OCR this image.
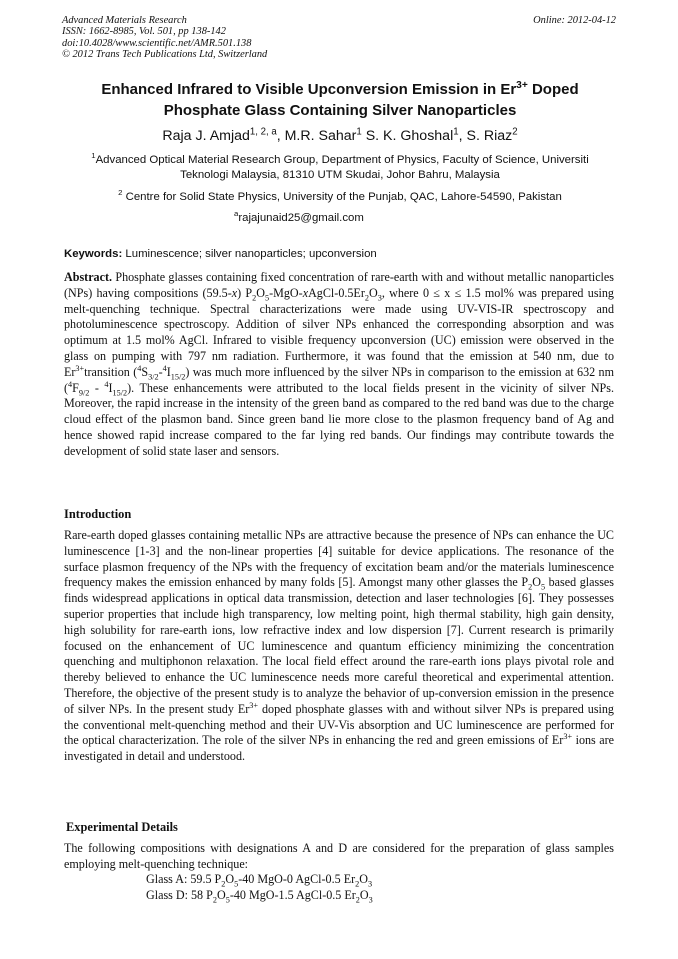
Advanced Materials Research
ISSN: 1662-8985, Vol. 501, pp 138-142
doi:10.4028/www.scientific.net/AMR.501.138
© 2012 Trans Tech Publications Ltd, Switzerland
Online: 2012-04-12
Enhanced Infrared to Visible Upconversion Emission in $Er^{3+}$ Doped
Phosphate Glass Containing Silver Nanoparticles
Raja J. Amjad$^{1, 2, a}$, M.R. Sahar$^1$ S. K. Ghoshal$^1$, S. Riaz$^2$
$^1$Advanced Optical Material Research Group, Department of Physics, Faculty of Science, Universiti
Teknologi Malaysia, 81310 UTM Skudai, Johor Bahru, Malaysia
$^2$ Centre for Solid State Physics, University of the Punjab, QAC, Lahore-54590, Pakistan
$^a$rajajunaid25@gmail.com
Keywords: Luminescence; silver nanoparticles; upconversion
Abstract. Phosphate glasses containing fixed concentration of rare-earth with and without metallic nanoparticles (NPs) having compositions (59.5-x) $P_2O_5-MgO-xAgCl-0.5Er_2O_3$, where 0 ≤ x ≤ 1.5 mol% was prepared using melt-quenching technique. Spectral characterizations were made using UV-VIS-IR spectroscopy and photoluminescence spectroscopy. Addition of silver NPs enhanced the corresponding absorption and was optimum at 1.5 mol% AgCl. Infrared to visible frequency upconversion (UC) emission were observed in the glass on pumping with 797 nm radiation. Furthermore, it was found that the emission at 540 nm, due to $Er^{3+}transition$ $(^4S_{3/2}-^4I_{15/2})$ was much more influenced by the silver NPs in comparison to the emission at 632 nm $(^4F_{9/2} - ^4I_{15/2})$. These enhancements were attributed to the local fields present in the vicinity of silver NPs. Moreover, the rapid increase in the intensity of the green band as compared to the red band was due to the charge cloud effect of the plasmon band. Since green band lie more close to the plasmon frequency band of Ag and hence showed rapid increase compared to the far lying red bands. Our findings may contribute towards the development of solid state laser and sensors.
Introduction
Rare-earth doped glasses containing metallic NPs are attractive because the presence of NPs can enhance the UC luminescence [1-3] and the non-linear properties [4] suitable for device applications. The resonance of the surface plasmon frequency of the NPs with the frequency of excitation beam and/or the materials luminescence frequency makes the emission enhanced by many folds [5]. Amongst many other glasses the $P_2O_5$ based glasses finds widespread applications in optical data transmission, detection and laser technologies [6]. They possesses superior properties that include high transparency, low melting point, high thermal stability, high gain density, high solubility for rare-earth ions, low refractive index and low dispersion [7]. Current research is primarily focused on the enhancement of UC luminescence and quantum efficiency minimizing the concentration quenching and multiphonon relaxation. The local field effect around the rare-earth ions plays pivotal role and thereby believed to enhance the UC luminescence needs more careful theoretical and experimental attention. Therefore, the objective of the present study is to analyze the behavior of up-conversion emission in the presence of silver NPs. In the present study $Er^{3+}$ doped phosphate glasses with and without silver NPs is prepared using the conventional melt-quenching method and their UV-Vis absorption and UC luminescence are performed for the optical characterization. The role of the silver NPs in enhancing the red and green emissions of $Er^{3+}$ ions are investigated in detail and understood.
Experimental Details
The following compositions with designations A and D are considered for the preparation of glass samples employing melt-quenching technique:
Glass A: 59.5 $P_2O_5-40$ MgO-0 AgCl-0.5 $Er_2O_3$
Glass D: 58 $P_2O_5-40$ MgO-1.5 AgCl-0.5 $Er_2O_3$
